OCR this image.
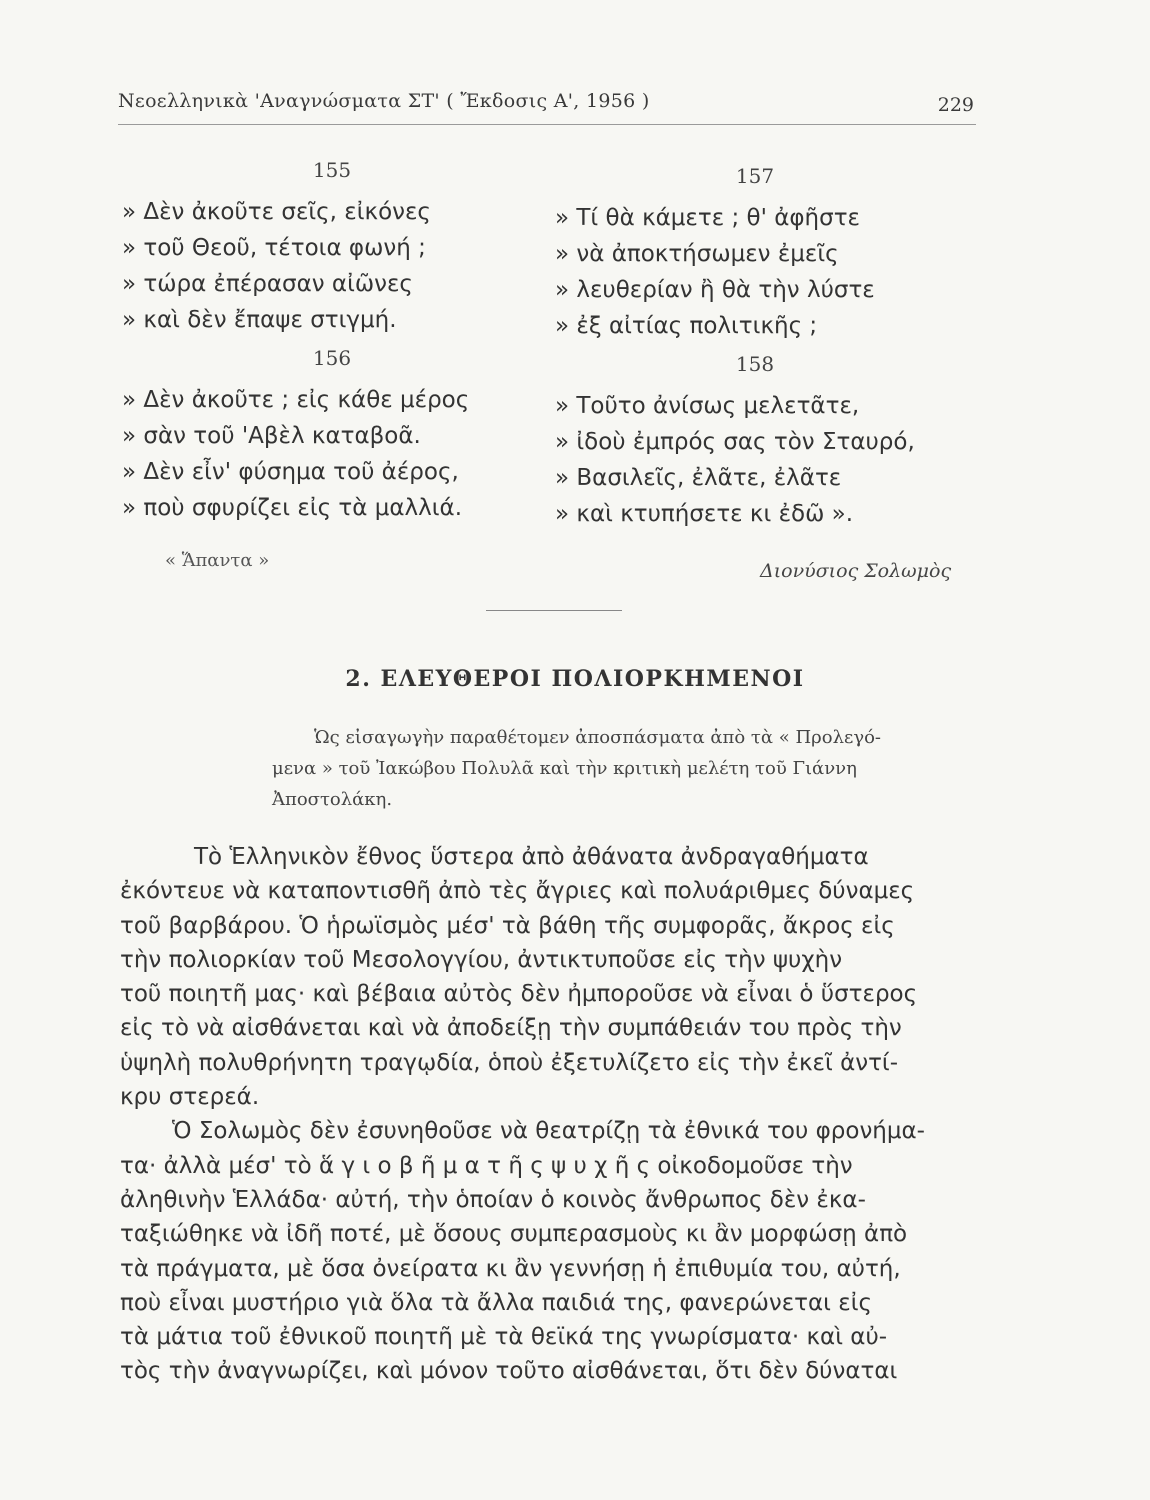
Νεοελληνικὰ 'Αναγνώσματα ΣΤ' ( Ἔκδοσις Α', 1956 )	229
155
» Δὲν ἀκοῦτε σεῖς, εἰκόνες
» τοῦ Θεοῦ, τέτοια φωνή ;
» τώρα ἐπέρασαν αἰῶνες
» καὶ δὲν ἔπαψε στιγμή.
156
» Δὲν ἀκοῦτε ; εἰς κάθε μέρος
» σὰν τοῦ 'Αβὲλ καταβοᾶ.
» Δὲν εἶν' φύσημα τοῦ ἀέρος,
» ποὺ σφυρίζει εἰς τὰ μαλλιά.
157
» Τί θὰ κάμετε ; θ' ἀφῆστε
» νὰ ἀποκτήσωμεν ἐμεῖς
» λευθερίαν ἢ θὰ τὴν λύστε
» ἐξ αἰτίας πολιτικῆς ;
158
» Τοῦτο ἀνίσως μελετᾶτε,
» ἰδοὺ ἐμπρός σας τὸν Σταυρό,
» Βασιλεῖς, ἐλᾶτε, ἐλᾶτε
» καὶ κτυπήσετε κι ἐδῶ ».
« Ἅπαντα »	Διονύσιος Σολωμὸς
2. ΕΛΕΥΘΕΡΟΙ ΠΟΛΙΟΡΚΗΜΕΝΟΙ
Ὡς εἰσαγωγὴν παραθέτομεν ἀποσπάσματα ἀπὸ τὰ « Προλεγό-
μενα » τοῦ Ἰακώβου Πολυλᾶ καὶ τὴν κριτικὴ μελέτη τοῦ Γιάννη
Ἀποστολάκη.
Τὸ Ἑλληνικὸν ἔθνος ὕστερα ἀπὸ ἀθάνατα ἀνδραγαθήματα
ἐκόντευε νὰ καταποντισθῆ ἀπὸ τὲς ἄγριες καὶ πολυάριθμες δύναμες
τοῦ βαρβάρου. Ὁ ἡρωϊσμὸς μέσ' τὰ βάθη τῆς συμφορᾶς, ἄκρος εἰς
τὴν πολιορκίαν τοῦ Μεσολογγίου, ἀντικτυποῦσε εἰς τὴν ψυχὴν
τοῦ ποιητῆ μας· καὶ βέβαια αὐτὸς δὲν ἠμποροῦσε νὰ εἶναι ὁ ὕστερος
εἰς τὸ νὰ αἰσθάνεται καὶ νὰ ἀποδείξῃ τὴν συμπάθειάν του πρὸς τὴν
ὑψηλὴ πολυθρήνητη τραγῳδία, ὁποὺ ἐξετυλίζετο εἰς τὴν ἐκεῖ ἀντί-
κρυ στερεά.
Ὁ Σολωμὸς δὲν ἐσυνηθοῦσε νὰ θεατρίζῃ τὰ ἐθνικά του φρονήμα-
τα· ἀλλὰ μέσ' τὸ ἅ γ ι ο β ῆ μ α τ ῆ ς ψ υ χ ῆ ς οἰκοδομοῦσε τὴν
ἀληθινὴν Ἑλλάδα· αὐτή, τὴν ὁποίαν ὁ κοινὸς ἄνθρωπος δὲν ἐκα-
ταξιώθηκε νὰ ἰδῆ ποτέ, μὲ ὅσους συμπερασμοὺς κι ἂν μορφώσῃ ἀπὸ
τὰ πράγματα, μὲ ὅσα ὀνείρατα κι ἂν γεννήσῃ ἡ ἐπιθυμία του, αὐτή,
ποὺ εἶναι μυστήριο γιὰ ὅλα τὰ ἄλλα παιδιά της, φανερώνεται εἰς
τὰ μάτια τοῦ ἐθνικοῦ ποιητῆ μὲ τὰ θεϊκά της γνωρίσματα· καὶ αὐ-
τὸς τὴν ἀναγνωρίζει, καὶ μόνον τοῦτο αἰσθάνεται, ὅτι δὲν δύναται
